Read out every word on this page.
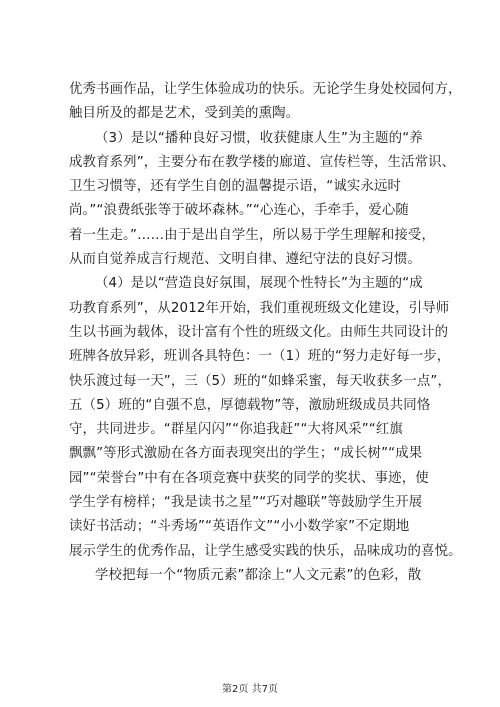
优秀书画作品，让学生体验成功的快乐。无论学生身处校园何方，
触目所及的都是艺术，受到美的熏陶。
（3）是以“播种良好习惯，收获健康人生”为主题的“养
成教育系列”，主要分布在教学楼的廊道、宣传栏等，生活常识、
卫生习惯等，还有学生自创的温馨提示语，“诚实永远时
尚。”“浪费纸张等于破坏森林。”“心连心，手牵手，爱心随
着一生走。”……由于是出自学生，所以易于学生理解和接受，
从而自觉养成言行规范、文明自律、遵纪守法的良好习惯。
（4）是以“营造良好氛围，展现个性特长”为主题的“成
功教育系列”，从2012年开始，我们重视班级文化建设，引导师
生以书画为载体，设计富有个性的班级文化。由师生共同设计的
班牌各放异彩，班训各具特色：一（1）班的“努力走好每一步，
快乐渡过每一天”，三（5）班的“如蜂采蜜，每天收获多一点”，
五（5）班的“自强不息，厚德载物”等，激励班级成员共同恪
守，共同进步。“群星闪闪”“你追我赶”“大将风采”“红旗
飘飘”等形式激励在各方面表现突出的学生；“成长树”“成果
园”“荣誉台”中有在各项竞赛中获奖的同学的奖状、事迹，使
学生学有榜样；“我是读书之星”“巧对趣联”等鼓励学生开展
读好书活动；“斗秀场”“英语作文”“小小数学家”不定期地
展示学生的优秀作品，让学生感受实践的快乐，品味成功的喜悦。
学校把每一个“物质元素”都涂上“人文元素”的色彩，散
第2页 共7页
